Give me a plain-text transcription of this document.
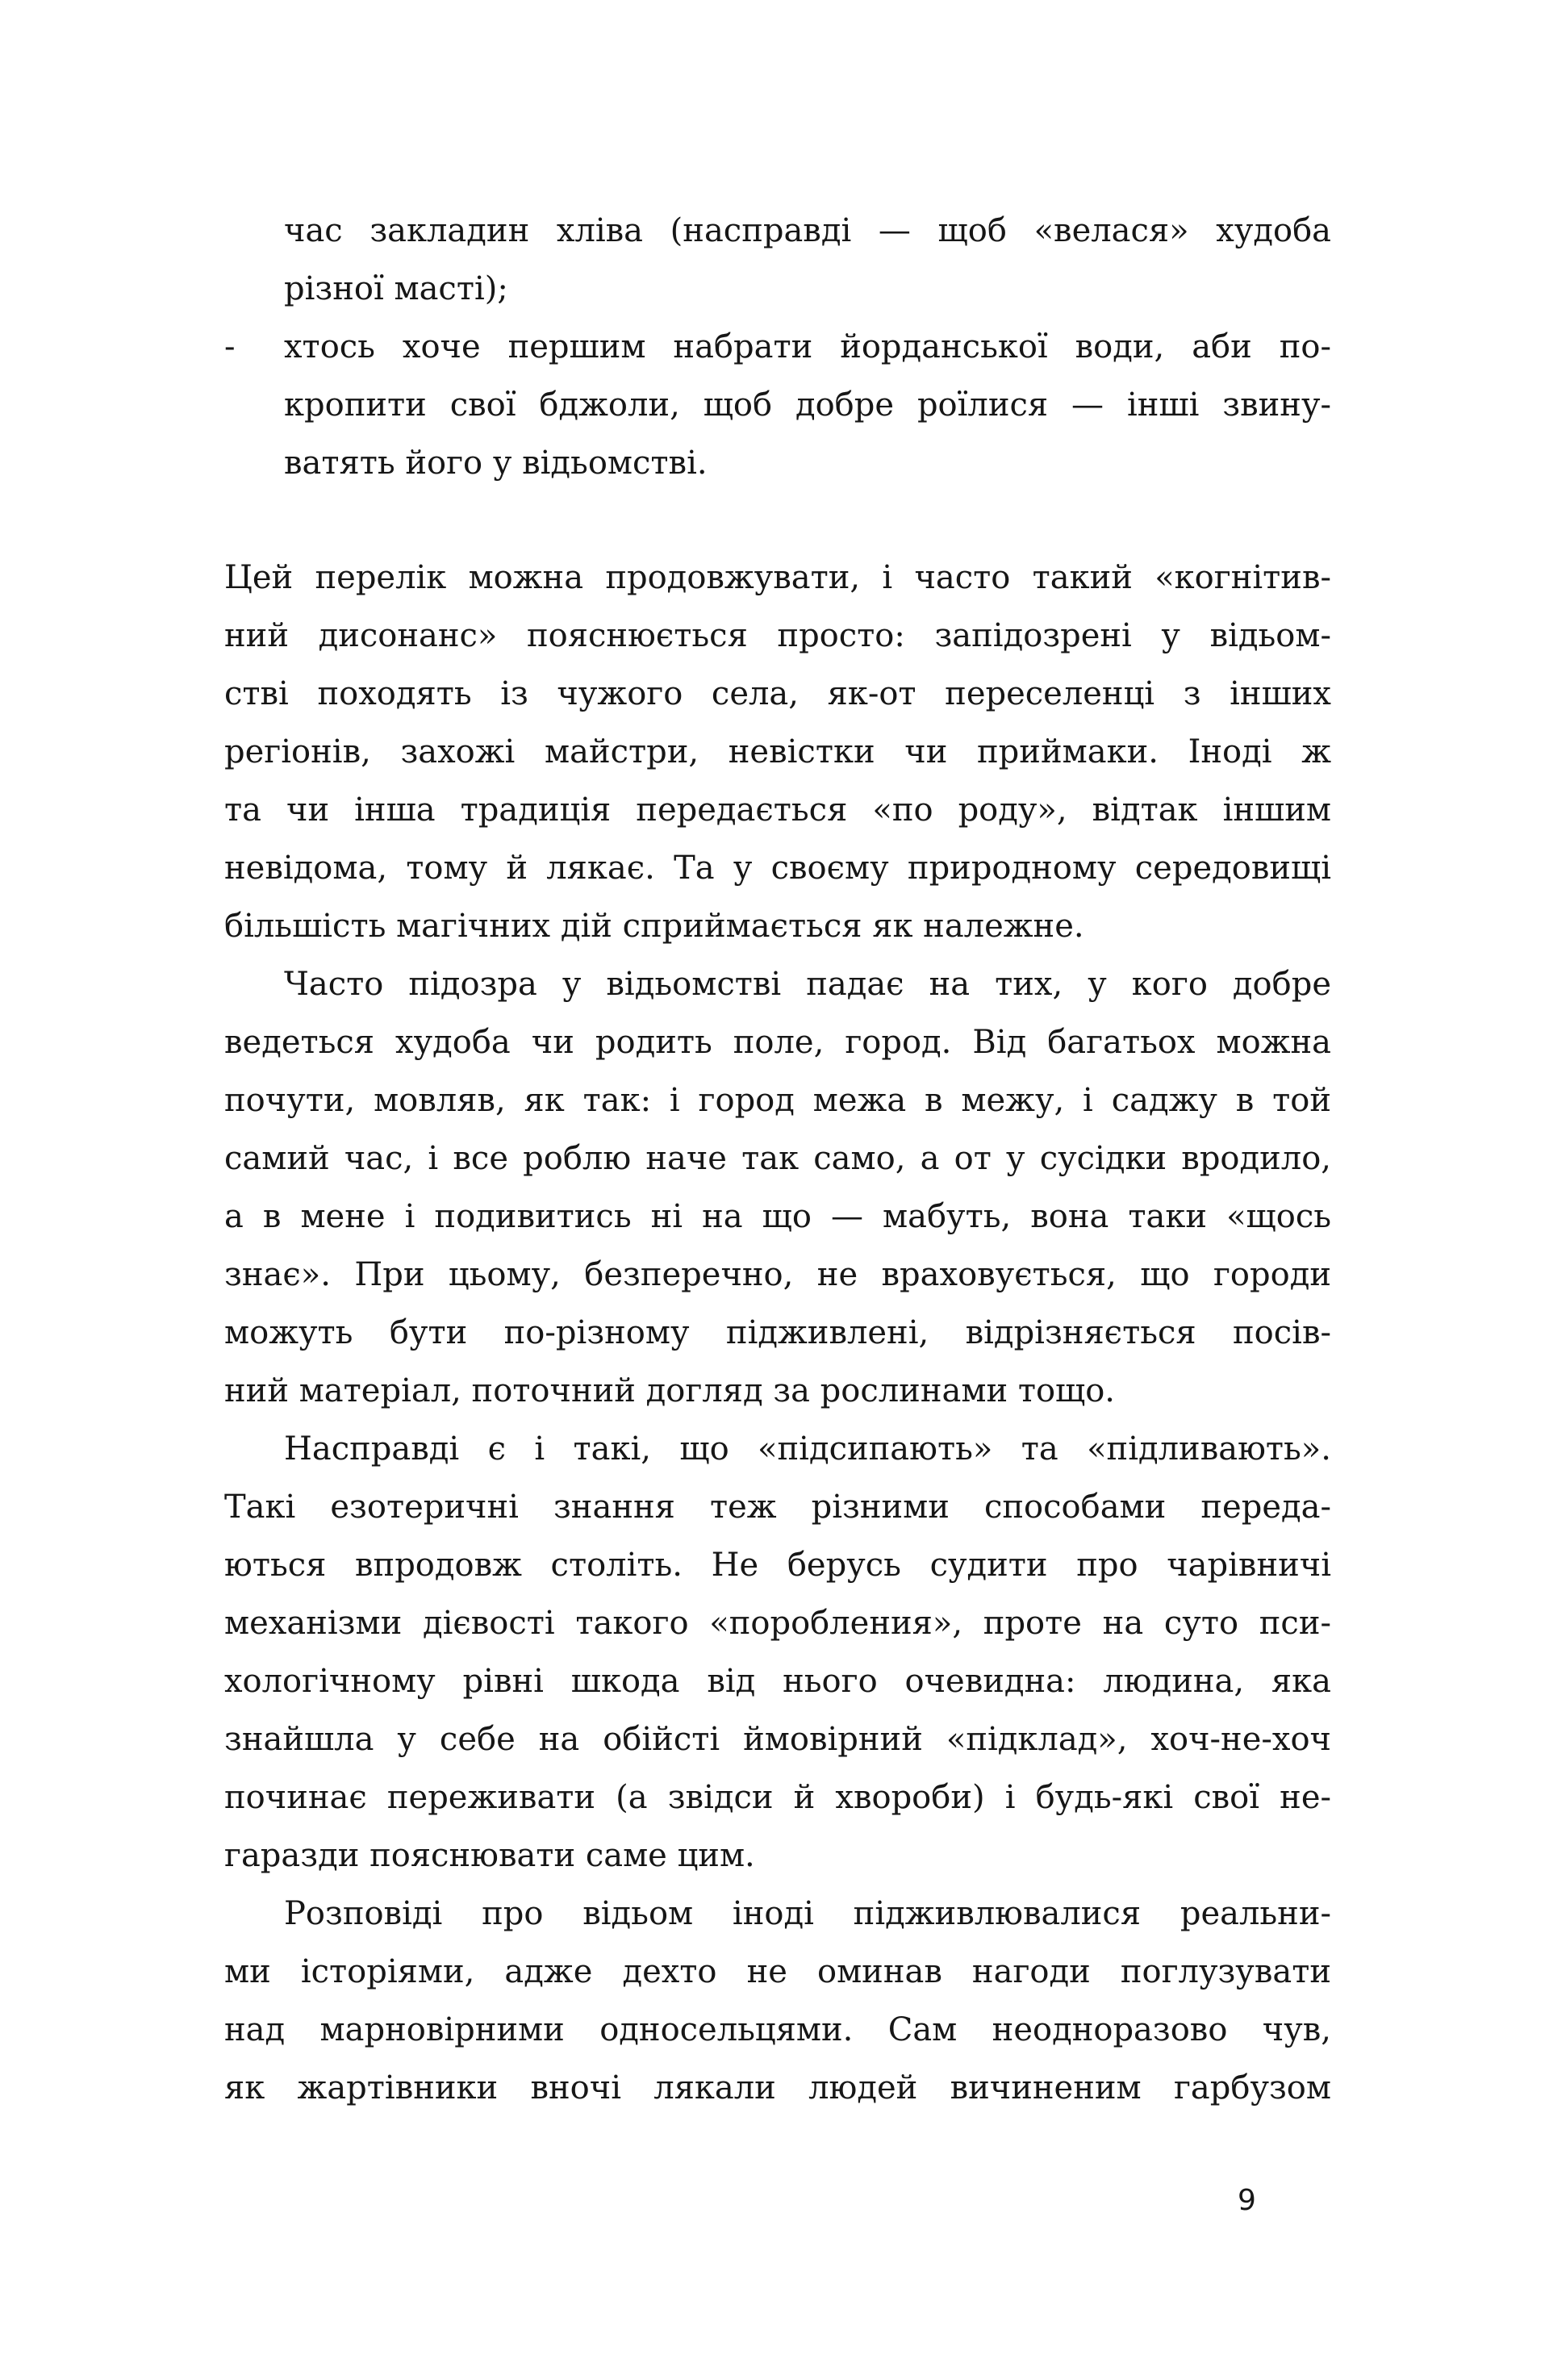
час закладин хліва (насправді — щоб «велася» худоба
різної масті);
- хтось хоче першим набрати йорданської води, аби по-
кропити свої бджоли, щоб добре роїлися — інші звину-
ватять його у відьомстві.
Цей перелік можна продовжувати, і часто такий «когнітив-
ний дисонанс» пояснюється просто: запідозрені у відьом-
стві походять із чужого села, як-от переселенці з інших
регіонів, захожі майстри, невістки чи приймаки. Іноді ж
та чи інша традиція передається «по роду», відтак іншим
невідома, тому й лякає. Та у своєму природному середовищі
більшість магічних дій сприймається як належне.
Часто підозра у відьомстві падає на тих, у кого добре
ведеться худоба чи родить поле, город. Від багатьох можна
почути, мовляв, як так: і город межа в межу, і саджу в той
самий час, і все роблю наче так само, а от у сусідки вродило,
а в мене і подивитись ні на що — мабуть, вона таки «щось
знає». При цьому, безперечно, не враховується, що городи
можуть бути по-різному підживлені, відрізняється посів-
ний матеріал, поточний догляд за рослинами тощо.
Насправді є і такі, що «підсипають» та «підливають».
Такі езотеричні знання теж різними способами переда-
ються впродовж століть. Не берусь судити про чарівничі
механізми дієвості такого «поробления», проте на суто пси-
хологічному рівні шкода від нього очевидна: людина, яка
знайшла у себе на обійсті ймовірний «підклад», хоч-не-хоч
починає переживати (а звідси й хвороби) і будь-які свої не-
гаразди пояснювати саме цим.
Розповіді про відьом іноді підживлювалися реальни-
ми історіями, адже дехто не оминав нагоди поглузувати
над марновірними односельцями. Сам неодноразово чув,
як жартівники вночі лякали людей вичиненим гарбузом
9
